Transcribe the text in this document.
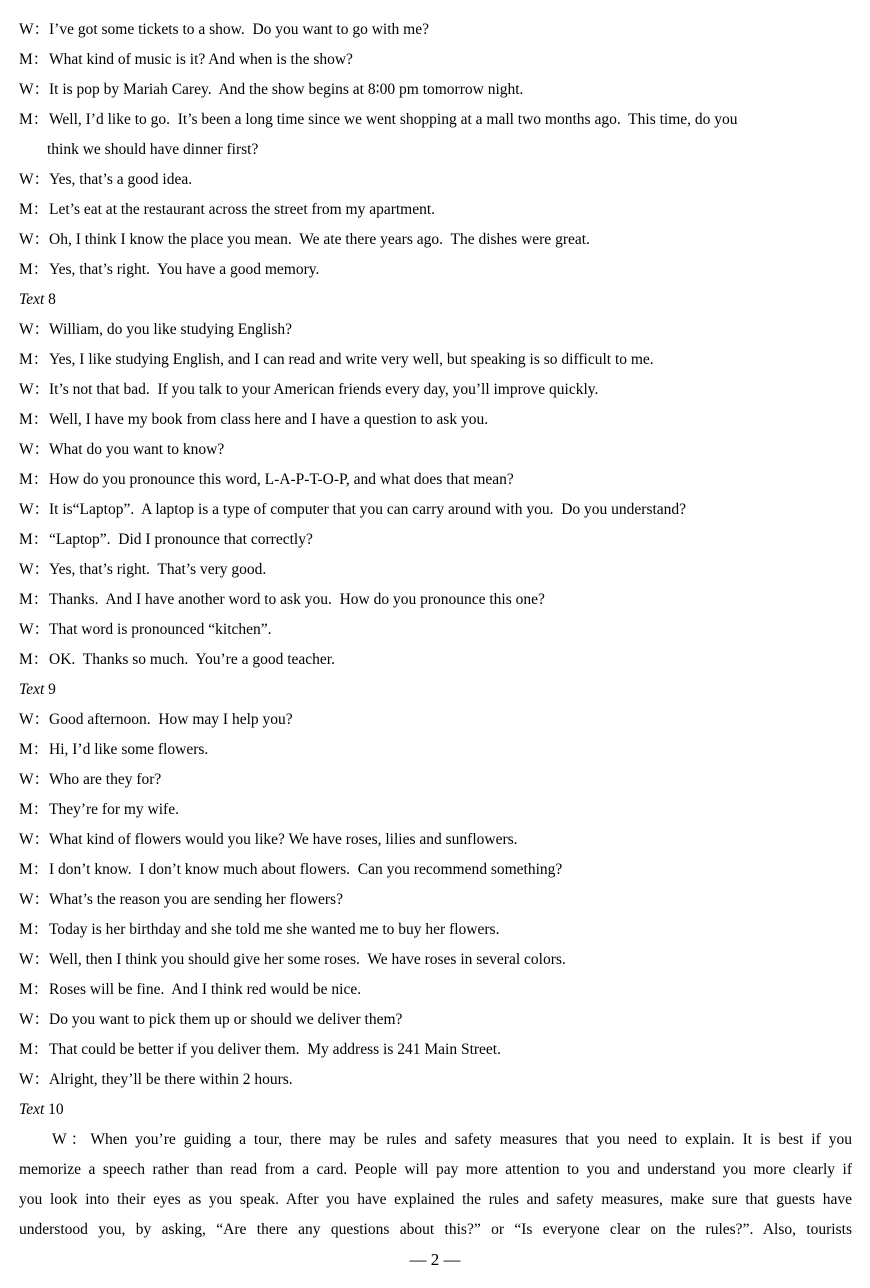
W： I’ve got some tickets to a show.  Do you want to go with me?
M： What kind of music is it? And when is the show?
W： It is pop by Mariah Carey.  And the show begins at 8∶00 pm tomorrow night.
M： Well, I’d like to go.  It’s been a long time since we went shopping at a mall two months ago.  This time, do you
think we should have dinner first?
W： Yes, that’s a good idea.
M： Let’s eat at the restaurant across the street from my apartment.
W： Oh, I think I know the place you mean.  We ate there years ago.  The dishes were great.
M： Yes, that’s right.  You have a good memory.
Text 8
W： William, do you like studying English?
M： Yes, I like studying English, and I can read and write very well, but speaking is so difficult to me.
W： It’s not that bad.  If you talk to your American friends every day, you’ll improve quickly.
M： Well, I have my book from class here and I have a question to ask you.
W： What do you want to know?
M： How do you pronounce this word, L-A-P-T-O-P, and what does that mean?
W： It is“Laptop”.  A laptop is a type of computer that you can carry around with you.  Do you understand?
M： “Laptop”.  Did I pronounce that correctly?
W： Yes, that’s right.  That’s very good.
M： Thanks.  And I have another word to ask you.  How do you pronounce this one?
W： That word is pronounced “kitchen”.
M： OK.  Thanks so much.  You’re a good teacher.
Text 9
W： Good afternoon.  How may I help you?
M： Hi, I’d like some flowers.
W： Who are they for?
M： They’re for my wife.
W： What kind of flowers would you like? We have roses, lilies and sunflowers.
M： I don’t know.  I don’t know much about flowers.  Can you recommend something?
W： What’s the reason you are sending her flowers?
M： Today is her birthday and she told me she wanted me to buy her flowers.
W： Well, then I think you should give her some roses.  We have roses in several colors.
M： Roses will be fine.  And I think red would be nice.
W： Do you want to pick them up or should we deliver them?
M： That could be better if you deliver them.  My address is 241 Main Street.
W： Alright, they’ll be there within 2 hours.
Text 10
W：When you’re guiding a tour, there may be rules and safety measures that you need to explain. It is best if you
memorize a speech rather than read from a card. People will pay more attention to you and understand you more clearly if
you look into their eyes as you speak. After you have explained the rules and safety measures, make sure that guests have
understood you, by asking, “Are there any questions about this?” or “Is everyone clear on the rules?”. Also, tourists
— 2 —
